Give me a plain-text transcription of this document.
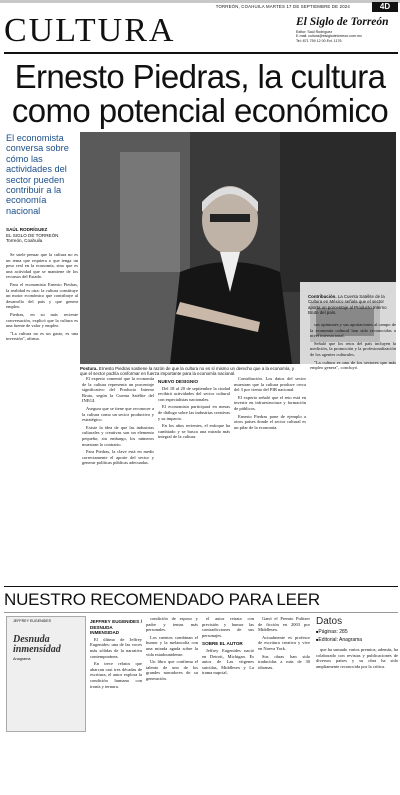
TORREÓN, COAHUILA MARTES 17 DE SEPTIEMBRE DE 2024	4D
CULTURA	El Siglo de Torreón
Editor: Saúl Rodríguez
E-mail: cultura@elsiglodetorreon.com.mx
Tel: 871 759 12 00 Ext. 1176
Ernesto Piedras, la cultura
como potencial económico
El economista conversa sobre cómo las actividades del sector pueden contribuir a la economía nacional
SAÚL RODRÍGUEZ
EL SIGLO DE TORREÓN
Torreón, Coahuila
Postura. Ernesto Piedras sostiene la razón de que la cultura no es sí mismo un derecho que a la economía, y que el sector podría conformar en fuerza importante para la economía nacional.
Contribución. La Cuenta Satélite de la Cultura en México señala que el sector aporta un porcentaje al Producto Interno Bruto del país.

Se suele pensar que la cultura no es un tema que requiera o que tenga un peso real en la economía, sino que es una actividad que se mantiene de los recursos del Estado.

Para el economista Ernesto Piedras, la realidad es otra: la cultura constituye un motor económico que contribuye al desarrollo del país y que genera empleo.

Piedras, en su más reciente conversación, explicó que la cultura es una fuente de valor y empleo.

"La cultura no es un gasto, es una inversión", afirma.

El experto comentó que la economía de la cultura representa un porcentaje significativo del Producto Interno Bruto, según la Cuenta Satélite del INEGI.

Asegura que se tiene que reconocer a la cultura como un sector productivo y estratégico.

Existe la idea de que las industrias culturales y creativas son un elemento pequeño; sin embargo, los números muestran lo contrario.

Para Piedras, la clave está en medir correctamente el aporte del sector y generar políticas públicas adecuadas.

NUEVO DESIGNIO

Del 18 al 20 de septiembre la ciudad recibirá actividades del sector cultural con especialistas nacionales.

El economista participará en mesas de diálogo sobre las industrias creativas y su impacto.

En los años recientes, el enfoque ha cambiado y se busca una mirada más integral de la cultura.

Contribución. Los datos del sector muestran que la cultura produce cerca del 3 por ciento del PIB nacional.

El experto señaló que el reto está en invertir en infraestructura y formación de públicos.

Ernesto Piedras pone de ejemplo a otros países donde el sector cultural es un pilar de la economía.

sus opiniones y sus aportaciones al campo de la economía cultural han sido reconocidas a nivel internacional.

Señaló que los retos del país incluyen la medición, la promoción y la profesionalización de los agentes culturales.

"La cultura es uno de los sectores que más empleo genera", concluyó.

NUESTRO RECOMENDADO PARA LEER
JEFFREY EUGENIDES
Desnuda inmensidad
Anagrama
JEFFREY EUGENIDES / DESNUDA INMENSIDAD

El último de Jeffrey Eugenides: una de las voces más sólidas de la narrativa contemporánea.

En trece relatos que abarcan casi tres décadas de escritura, el autor explora la condición humana con ironía y ternura.

condición de esposo y padre y temas más personales.

Los cuentos combinan el humor y la melancolía con una mirada aguda sobre la vida estadounidense.

Un libro que confirma el talento de uno de los grandes narradores de su generación.

el autor retrata con precisión y humor las contradicciones de sus personajes.

SOBRE EL AUTOR

Jeffrey Eugenides nació en Detroit, Michigan. Es autor de Las vírgenes suicidas, Middlesex y La trama nupcial.

Ganó el Premio Pulitzer de ficción en 2003 por Middlesex.

Actualmente es profesor de escritura creativa y vive en Nueva York.

Sus obras han sido traducidas a más de 30 idiomas.

Datos
■ Páginas: 285
■ Editorial: Anagrama

que ha sumado varios premios; además, ha colaborado con revistas y publicaciones de diversos países y su obra ha sido ampliamente reconocida por la crítica.
